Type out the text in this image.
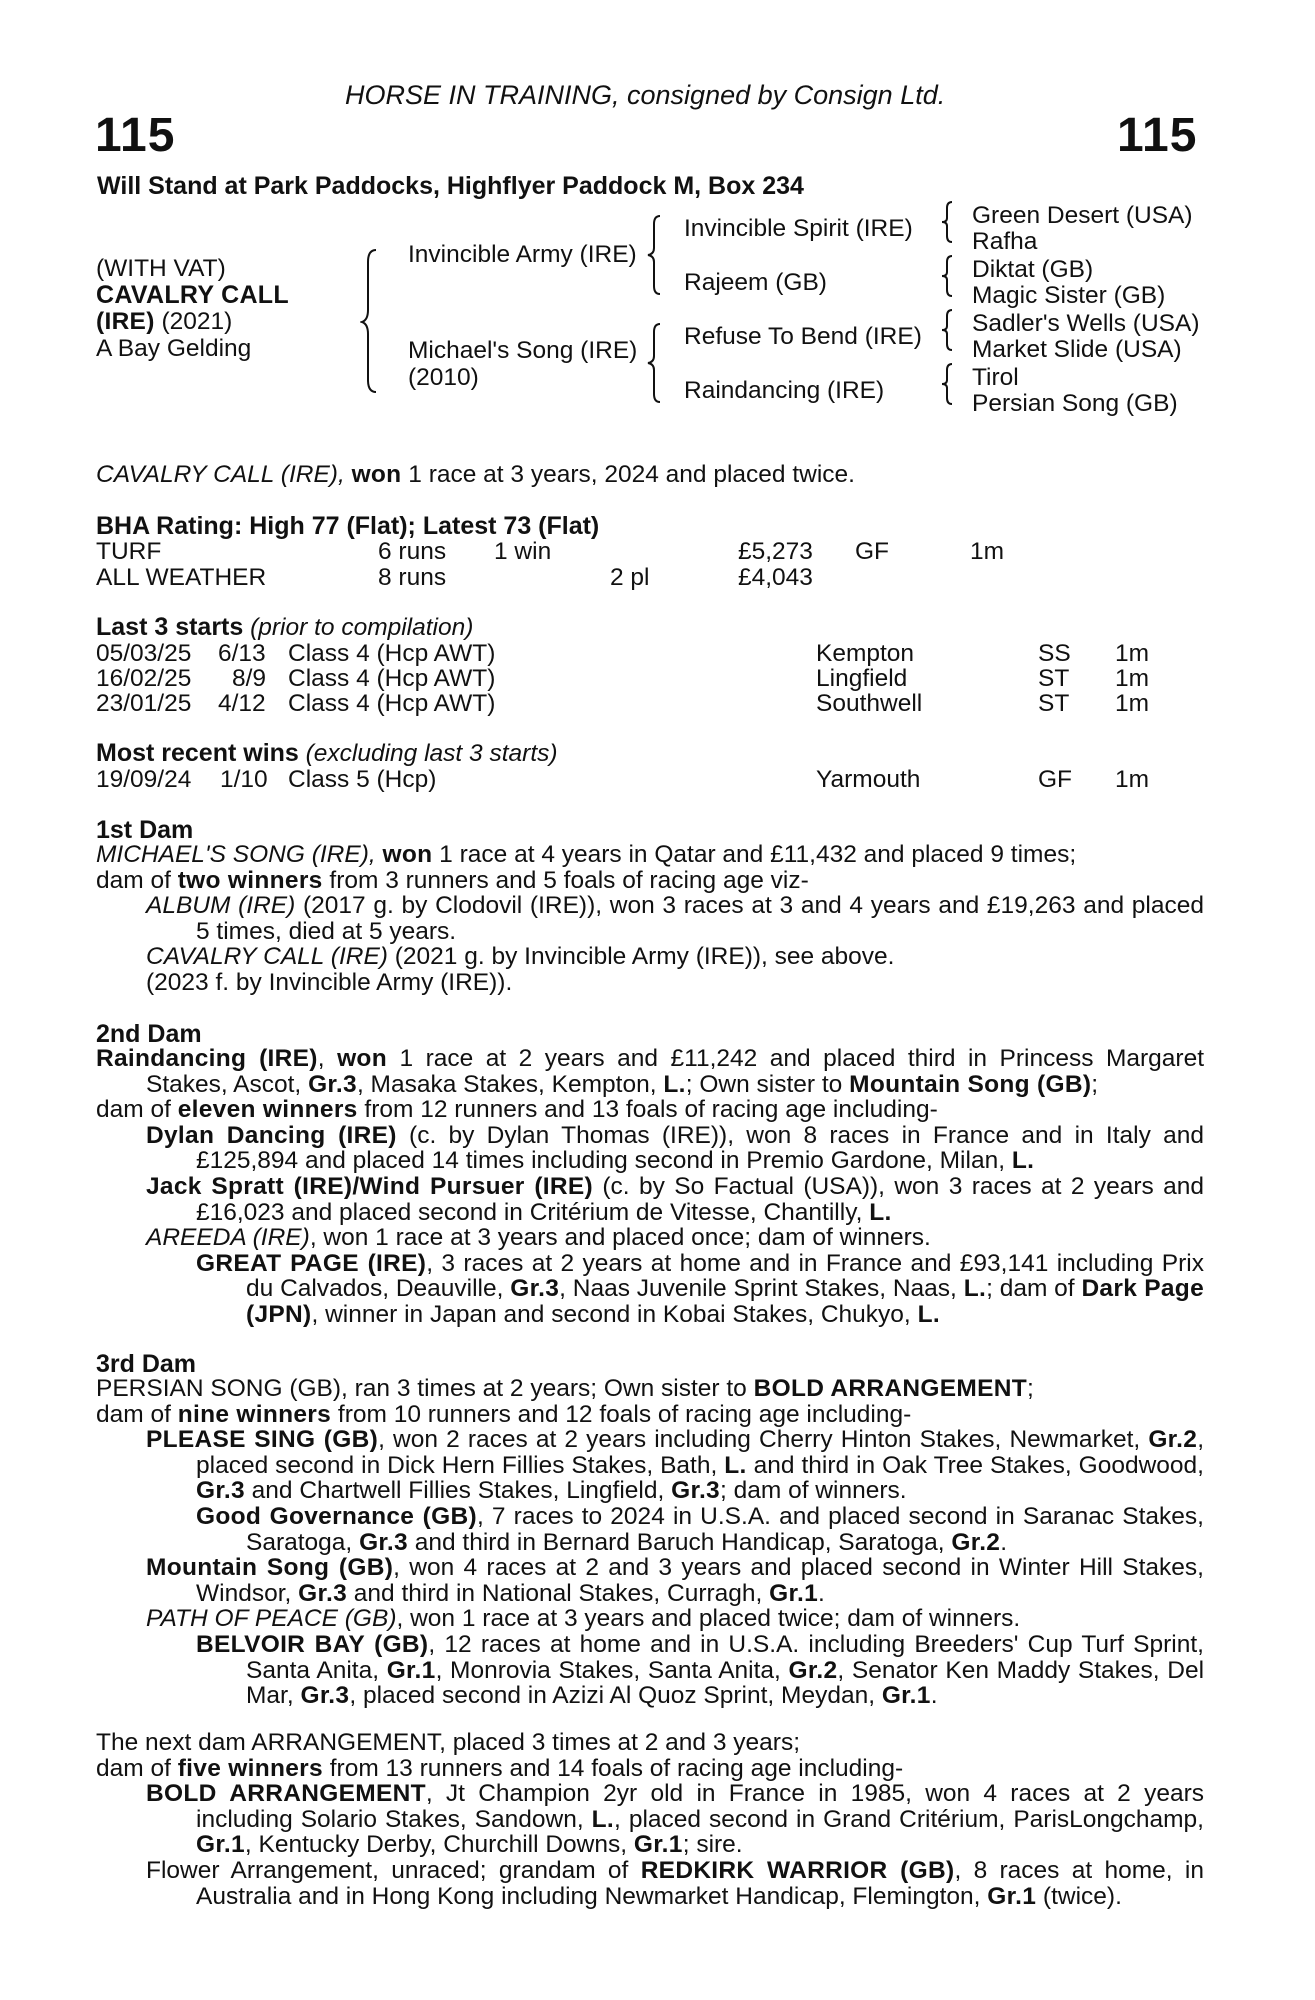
HORSE IN TRAINING, consigned by Consign Ltd.
115	115
Will Stand at Park Paddocks, Highflyer Paddock M, Box 234
(WITH VAT)
CAVALRY CALL
(IRE) (2021)
A Bay Gelding
Invincible Army (IRE)
Michael's Song (IRE)
(2010)
Invincible Spirit (IRE)
Rajeem (GB)
Refuse To Bend (IRE)
Raindancing (IRE)
Green Desert (USA)
Rafha
Diktat (GB)
Magic Sister (GB)
Sadler's Wells (USA)
Market Slide (USA)
Tirol
Persian Song (GB)
CAVALRY CALL (IRE), won 1 race at 3 years, 2024 and placed twice.
BHA Rating: High 77 (Flat); Latest 73 (Flat)
TURF	6 runs 1 win	£5,273 GF	1m
ALL WEATHER	8 runs	2 pl	£4,043
Last 3 starts (prior to compilation)
05/03/25 6/13 Class 4 (Hcp AWT)	Kempton	SS 1m
16/02/25 8/9 Class 4 (Hcp AWT)	Lingfield	ST 1m
23/01/25 4/12 Class 4 (Hcp AWT)	Southwell	ST 1m
Most recent wins (excluding last 3 starts)
19/09/24 1/10 Class 5 (Hcp)	Yarmouth	GF 1m
1st Dam
MICHAEL'S SONG (IRE), won 1 race at 4 years in Qatar and £11,432 and placed 9 times;
dam of two winners from 3 runners and 5 foals of racing age viz-
ALBUM (IRE) (2017 g. by Clodovil (IRE)), won 3 races at 3 and 4 years and £19,263 and placed 5 times, died at 5 years.
CAVALRY CALL (IRE) (2021 g. by Invincible Army (IRE)), see above.
(2023 f. by Invincible Army (IRE)).
2nd Dam
Raindancing (IRE), won 1 race at 2 years and £11,242 and placed third in Princess Margaret Stakes, Ascot, Gr.3, Masaka Stakes, Kempton, L.; Own sister to Mountain Song (GB);
dam of eleven winners from 12 runners and 13 foals of racing age including-
Dylan Dancing (IRE) (c. by Dylan Thomas (IRE)), won 8 races in France and in Italy and £125,894 and placed 14 times including second in Premio Gardone, Milan, L.
Jack Spratt (IRE)/Wind Pursuer (IRE) (c. by So Factual (USA)), won 3 races at 2 years and £16,023 and placed second in Critérium de Vitesse, Chantilly, L.
AREEDA (IRE), won 1 race at 3 years and placed once; dam of winners.
GREAT PAGE (IRE), 3 races at 2 years at home and in France and £93,141 including Prix du Calvados, Deauville, Gr.3, Naas Juvenile Sprint Stakes, Naas, L.; dam of Dark Page (JPN), winner in Japan and second in Kobai Stakes, Chukyo, L.
3rd Dam
PERSIAN SONG (GB), ran 3 times at 2 years; Own sister to BOLD ARRANGEMENT;
dam of nine winners from 10 runners and 12 foals of racing age including-
PLEASE SING (GB), won 2 races at 2 years including Cherry Hinton Stakes, Newmarket, Gr.2, placed second in Dick Hern Fillies Stakes, Bath, L. and third in Oak Tree Stakes, Goodwood, Gr.3 and Chartwell Fillies Stakes, Lingfield, Gr.3; dam of winners.
Good Governance (GB), 7 races to 2024 in U.S.A. and placed second in Saranac Stakes, Saratoga, Gr.3 and third in Bernard Baruch Handicap, Saratoga, Gr.2.
Mountain Song (GB), won 4 races at 2 and 3 years and placed second in Winter Hill Stakes, Windsor, Gr.3 and third in National Stakes, Curragh, Gr.1.
PATH OF PEACE (GB), won 1 race at 3 years and placed twice; dam of winners.
BELVOIR BAY (GB), 12 races at home and in U.S.A. including Breeders' Cup Turf Sprint, Santa Anita, Gr.1, Monrovia Stakes, Santa Anita, Gr.2, Senator Ken Maddy Stakes, Del Mar, Gr.3, placed second in Azizi Al Quoz Sprint, Meydan, Gr.1.
The next dam ARRANGEMENT, placed 3 times at 2 and 3 years;
dam of five winners from 13 runners and 14 foals of racing age including-
BOLD ARRANGEMENT, Jt Champion 2yr old in France in 1985, won 4 races at 2 years including Solario Stakes, Sandown, L., placed second in Grand Critérium, ParisLongchamp, Gr.1, Kentucky Derby, Churchill Downs, Gr.1; sire.
Flower Arrangement, unraced; grandam of REDKIRK WARRIOR (GB), 8 races at home, in Australia and in Hong Kong including Newmarket Handicap, Flemington, Gr.1 (twice).
